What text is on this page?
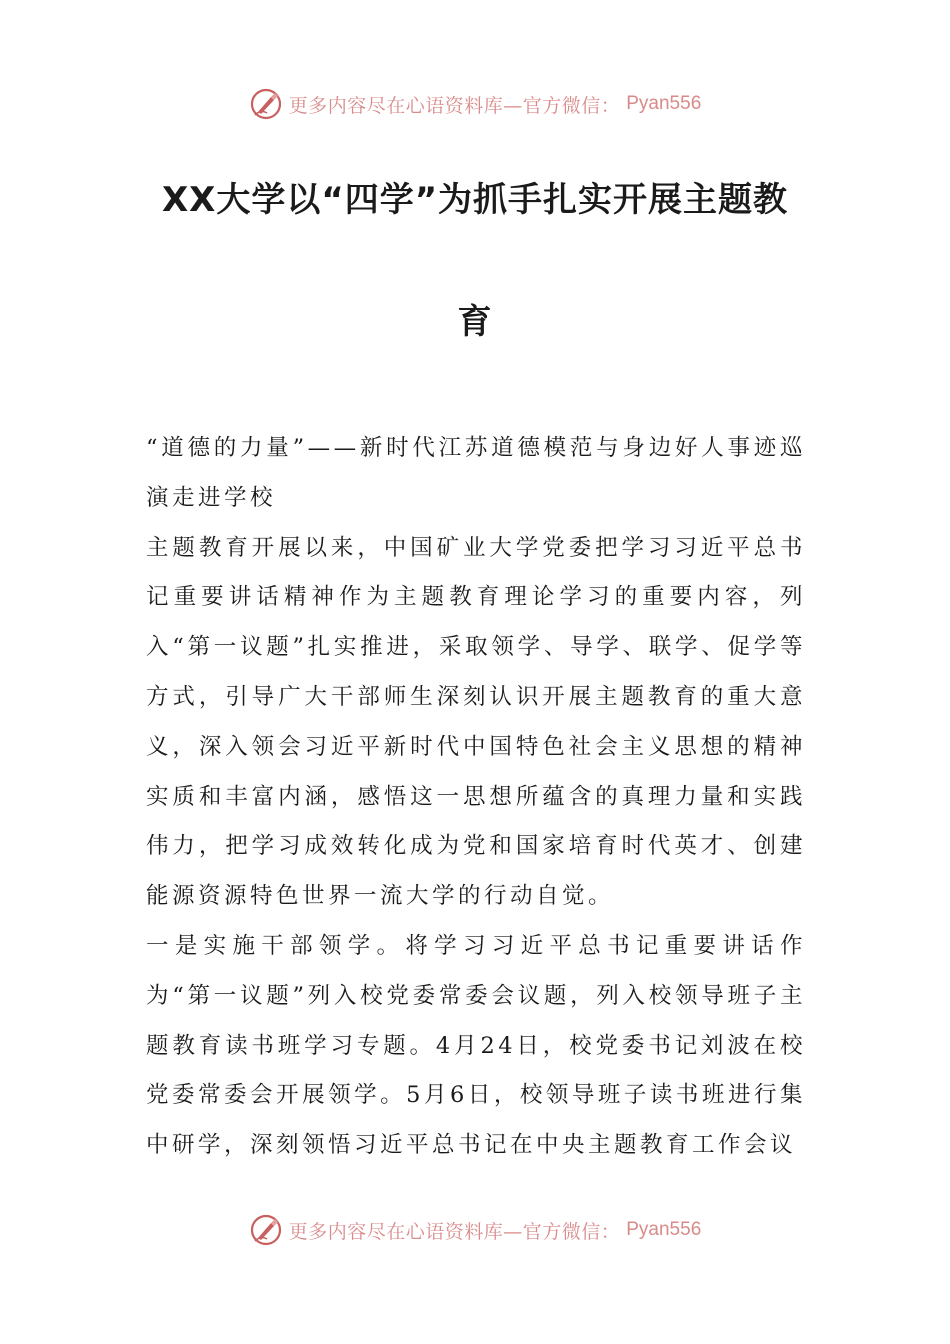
更多内容尽在心语资料库—官方微信： Pyan556
XX大学以“四学”为抓手扎实开展主题教
育

“道德的力量”——新时代江苏道德模范与身边好人事迹巡演走进学校

主题教育开展以来，中国矿业大学党委把学习习近平总书记重要讲话精神作为主题教育理论学习的重要内容，列入“第一议题”扎实推进，采取领学、导学、联学、促学等方式，引导广大干部师生深刻认识开展主题教育的重大意义，深入领会习近平新时代中国特色社会主义思想的精神实质和丰富内涵，感悟这一思想所蕴含的真理力量和实践伟力，把学习成效转化成为党和国家培育时代英才、创建能源资源特色世界一流大学的行动自觉。

一是实施干部领学。将学习习近平总书记重要讲话作为“第一议题”列入校党委常委会议题，列入校领导班子主题教育读书班学习专题。4月24日，校党委书记刘波在校党委常委会开展领学。5月6日，校领导班子读书班进行集中研学，深刻领悟习近平总书记在中央主题教育工作会议

更多内容尽在心语资料库—官方微信： Pyan556
